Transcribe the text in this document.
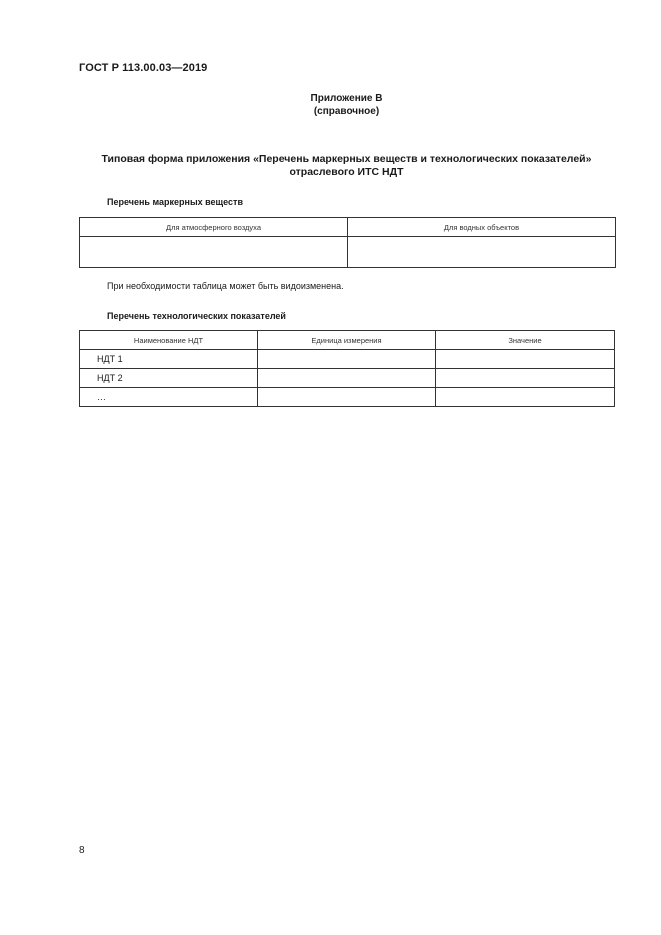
ГОСТ Р 113.00.03—2019
Приложение В
(справочное)
Типовая форма приложения «Перечень маркерных веществ и технологических показателей»
отраслевого ИТС НДТ
Перечень маркерных веществ
Для атмосферного воздуха	Для водных объектов

При необходимости таблица может быть видоизменена.
Перечень технологических показателей
Наименование НДТ	Единица измерения	Значение
НДТ 1		
НДТ 2		
…		
8
